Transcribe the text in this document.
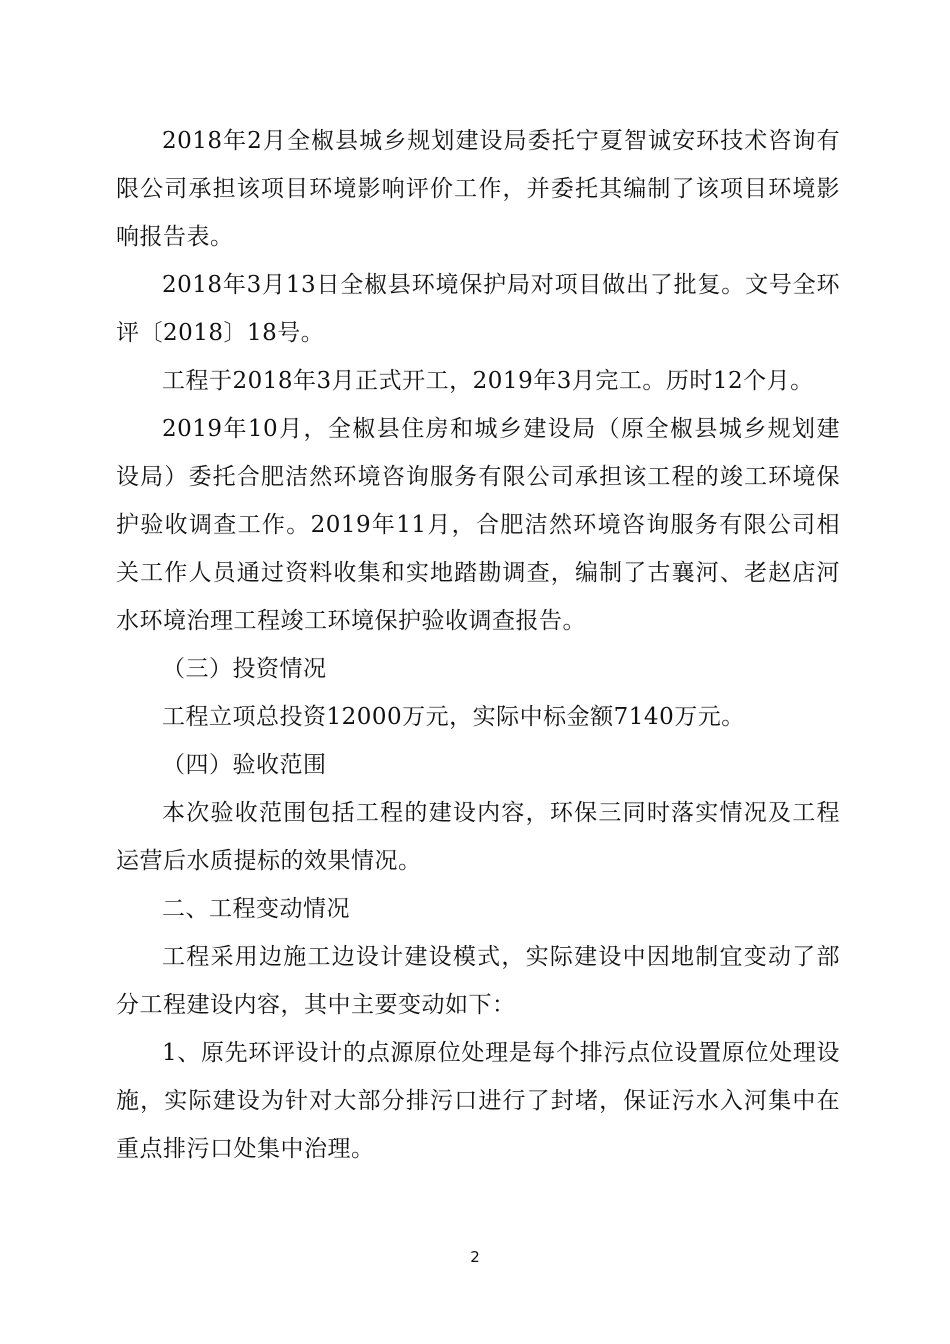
2018年2月全椒县城乡规划建设局委托宁夏智诚安环技术咨询有限公司承担该项目环境影响评价工作，并委托其编制了该项目环境影响报告表。

2018年3月13日全椒县环境保护局对项目做出了批复。文号全环评〔2018〕18号。

工程于2018年3月正式开工，2019年3月完工。历时12个月。

2019年10月，全椒县住房和城乡建设局（原全椒县城乡规划建设局）委托合肥洁然环境咨询服务有限公司承担该工程的竣工环境保护验收调查工作。2019年11月，合肥洁然环境咨询服务有限公司相关工作人员通过资料收集和实地踏勘调查，编制了古襄河、老赵店河水环境治理工程竣工环境保护验收调查报告。

（三）投资情况

工程立项总投资12000万元，实际中标金额7140万元。

（四）验收范围

本次验收范围包括工程的建设内容，环保三同时落实情况及工程运营后水质提标的效果情况。

二、工程变动情况

工程采用边施工边设计建设模式，实际建设中因地制宜变动了部分工程建设内容，其中主要变动如下：

1、原先环评设计的点源原位处理是每个排污点位设置原位处理设施，实际建设为针对大部分排污口进行了封堵，保证污水入河集中在重点排污口处集中治理。

2
